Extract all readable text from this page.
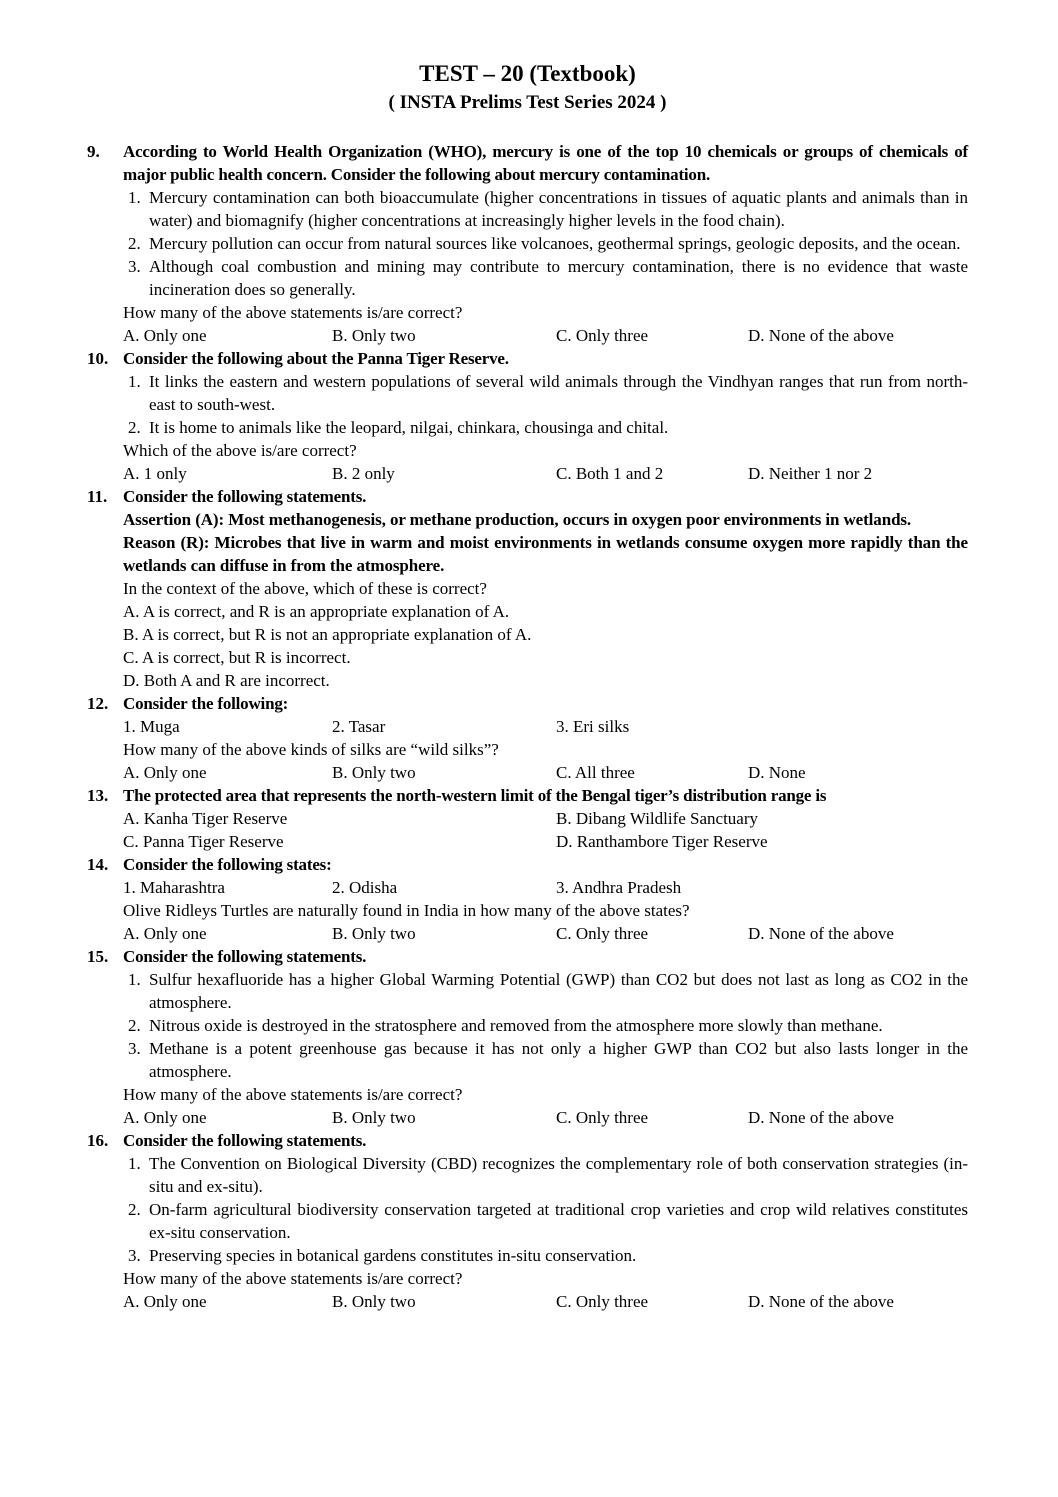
TEST – 20 (Textbook)
( INSTA Prelims Test Series 2024 )
9. According to World Health Organization (WHO), mercury is one of the top 10 chemicals or groups of chemicals of major public health concern. Consider the following about mercury contamination.
1. Mercury contamination can both bioaccumulate (higher concentrations in tissues of aquatic plants and animals than in water) and biomagnify (higher concentrations at increasingly higher levels in the food chain).
2. Mercury pollution can occur from natural sources like volcanoes, geothermal springs, geologic deposits, and the ocean.
3. Although coal combustion and mining may contribute to mercury contamination, there is no evidence that waste incineration does so generally.
How many of the above statements is/are correct?
A. Only one	B. Only two	C. Only three	D. None of the above
10. Consider the following about the Panna Tiger Reserve.
1. It links the eastern and western populations of several wild animals through the Vindhyan ranges that run from north-east to south-west.
2. It is home to animals like the leopard, nilgai, chinkara, chousinga and chital.
Which of the above is/are correct?
A. 1 only	B. 2 only	C. Both 1 and 2	D. Neither 1 nor 2
11. Consider the following statements.
Assertion (A): Most methanogenesis, or methane production, occurs in oxygen poor environments in wetlands.
Reason (R): Microbes that live in warm and moist environments in wetlands consume oxygen more rapidly than the wetlands can diffuse in from the atmosphere.
In the context of the above, which of these is correct?
A. A is correct, and R is an appropriate explanation of A.
B. A is correct, but R is not an appropriate explanation of A.
C. A is correct, but R is incorrect.
D. Both A and R are incorrect.
12. Consider the following:
1. Muga	2. Tasar	3. Eri silks
How many of the above kinds of silks are “wild silks”?
A. Only one	B. Only two	C. All three	D. None
13. The protected area that represents the north-western limit of the Bengal tiger’s distribution range is
A. Kanha Tiger Reserve	B. Dibang Wildlife Sanctuary
C. Panna Tiger Reserve	D. Ranthambore Tiger Reserve
14. Consider the following states:
1. Maharashtra	2. Odisha	3. Andhra Pradesh
Olive Ridleys Turtles are naturally found in India in how many of the above states?
A. Only one	B. Only two	C. Only three	D. None of the above
15. Consider the following statements.
1. Sulfur hexafluoride has a higher Global Warming Potential (GWP) than CO2 but does not last as long as CO2 in the atmosphere.
2. Nitrous oxide is destroyed in the stratosphere and removed from the atmosphere more slowly than methane.
3. Methane is a potent greenhouse gas because it has not only a higher GWP than CO2 but also lasts longer in the atmosphere.
How many of the above statements is/are correct?
A. Only one	B. Only two	C. Only three	D. None of the above
16. Consider the following statements.
1. The Convention on Biological Diversity (CBD) recognizes the complementary role of both conservation strategies (in-situ and ex-situ).
2. On-farm agricultural biodiversity conservation targeted at traditional crop varieties and crop wild relatives constitutes ex-situ conservation.
3. Preserving species in botanical gardens constitutes in-situ conservation.
How many of the above statements is/are correct?
A. Only one	B. Only two	C. Only three	D. None of the above
